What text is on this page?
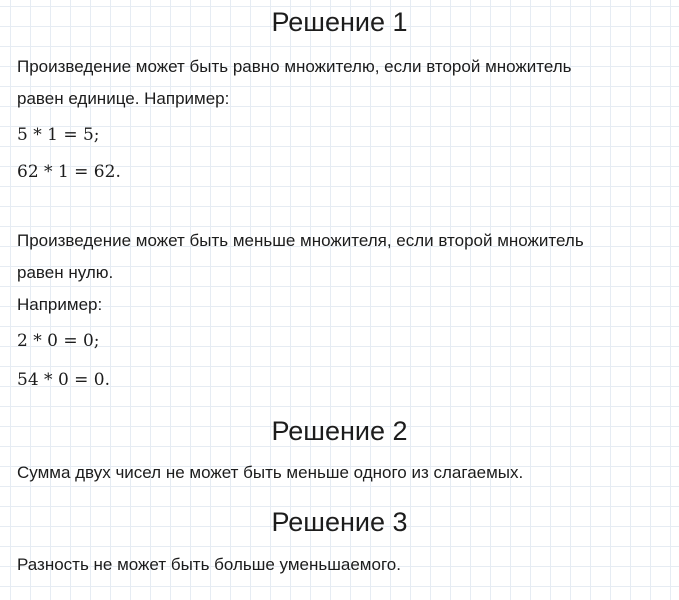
Решение 1
Произведение может быть равно множителю, если второй множитель
равен единице. Например:
5 * 1 = 5;
62 * 1 = 62.
Произведение может быть меньше множителя, если второй множитель
равен нулю.
Например:
2 * 0 = 0;
54 * 0 = 0.
Решение 2
Сумма двух чисел не может быть меньше одного из слагаемых.
Решение 3
Разность не может быть больше уменьшаемого.
